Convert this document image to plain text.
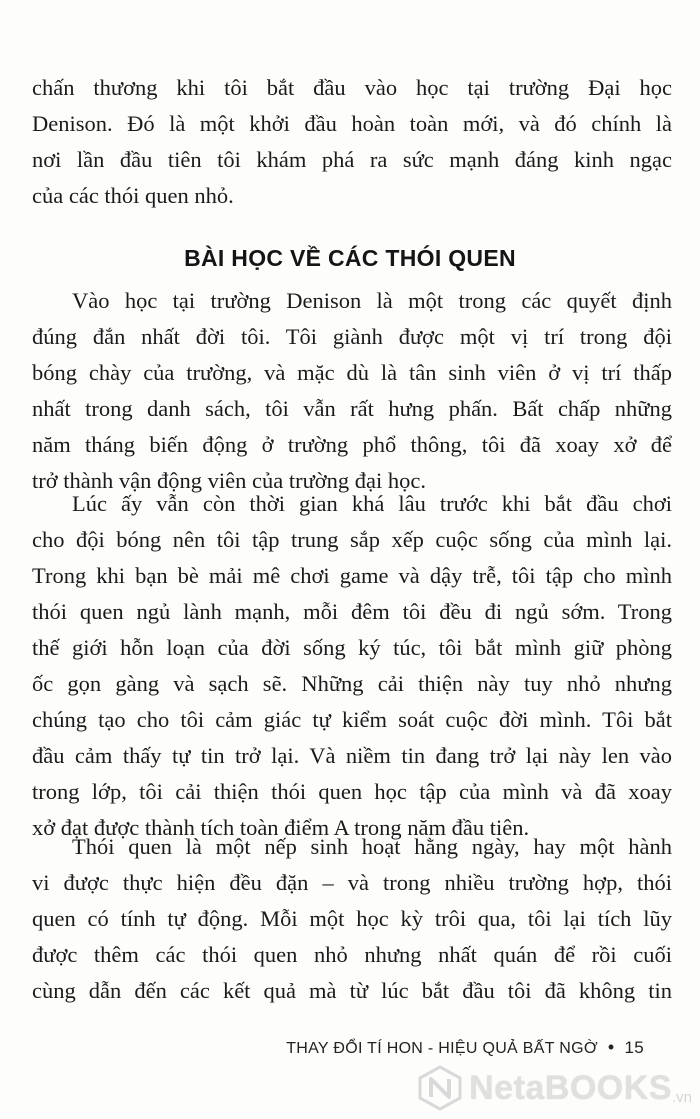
chấn thương khi tôi bắt đầu vào học tại trường Đại học
Denison. Đó là một khởi đầu hoàn toàn mới, và đó chính là
nơi lần đầu tiên tôi khám phá ra sức mạnh đáng kinh ngạc
của các thói quen nhỏ.
BÀI HỌC VỀ CÁC THÓI QUEN
Vào học tại trường Denison là một trong các quyết định
đúng đắn nhất đời tôi. Tôi giành được một vị trí trong đội
bóng chày của trường, và mặc dù là tân sinh viên ở vị trí thấp
nhất trong danh sách, tôi vẫn rất hưng phấn. Bất chấp những
năm tháng biến động ở trường phổ thông, tôi đã xoay xở để
trở thành vận động viên của trường đại học.
Lúc ấy vẫn còn thời gian khá lâu trước khi bắt đầu chơi
cho đội bóng nên tôi tập trung sắp xếp cuộc sống của mình lại.
Trong khi bạn bè mải mê chơi game và dậy trễ, tôi tập cho mình
thói quen ngủ lành mạnh, mỗi đêm tôi đều đi ngủ sớm. Trong
thế giới hỗn loạn của đời sống ký túc, tôi bắt mình giữ phòng
ốc gọn gàng và sạch sẽ. Những cải thiện này tuy nhỏ nhưng
chúng tạo cho tôi cảm giác tự kiểm soát cuộc đời mình. Tôi bắt
đầu cảm thấy tự tin trở lại. Và niềm tin đang trở lại này len vào
trong lớp, tôi cải thiện thói quen học tập của mình và đã xoay
xở đạt được thành tích toàn điểm A trong năm đầu tiên.
Thói quen là một nếp sinh hoạt hằng ngày, hay một hành
vi được thực hiện đều đặn – và trong nhiều trường hợp, thói
quen có tính tự động. Mỗi một học kỳ trôi qua, tôi lại tích lũy
được thêm các thói quen nhỏ nhưng nhất quán để rồi cuối
cùng dẫn đến các kết quả mà từ lúc bắt đầu tôi đã không tin
THAY ĐỔI TÍ HON - HIỆU QUẢ BẤT NGỜ • 15
NetaBOOKS .vn
